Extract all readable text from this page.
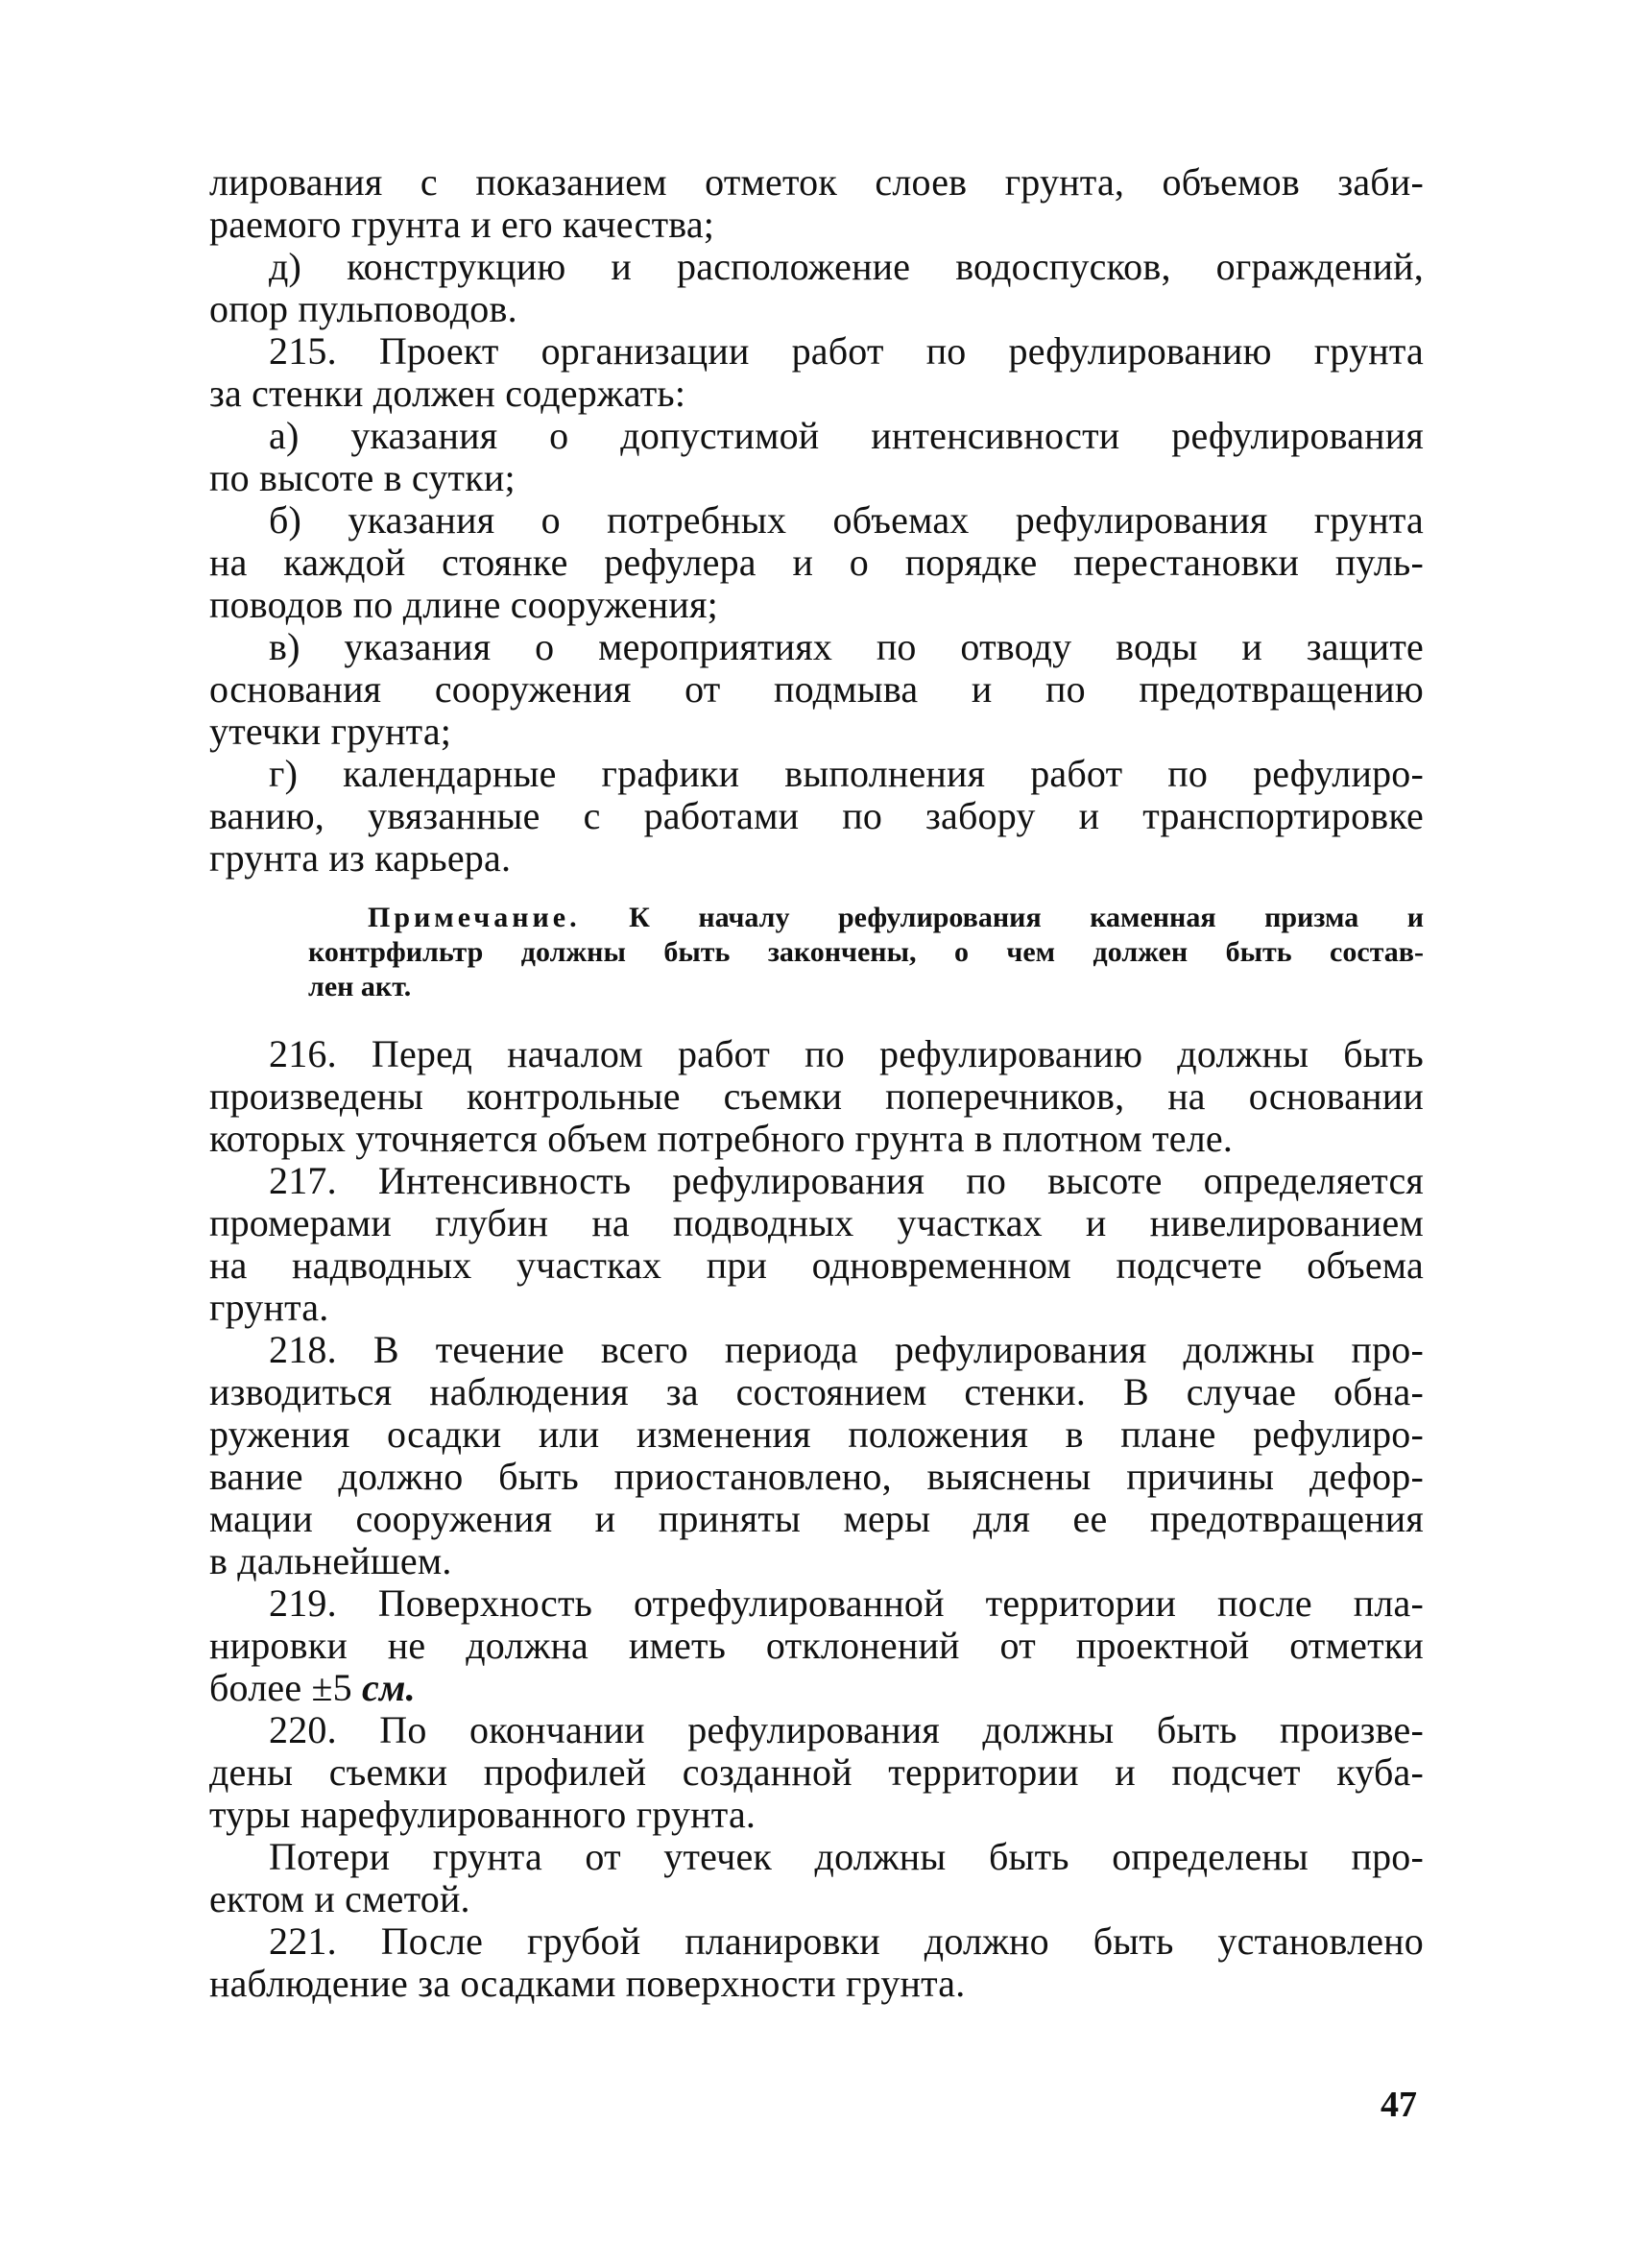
лирования с показанием отметок слоев грунта, объемов заби-
раемого грунта и его качества;
д) конструкцию и расположение водоспусков, ограждений,
опор пульповодов.
215. Проект организации работ по рефулированию грунта
за стенки должен содержать:
а) указания о допустимой интенсивности рефулирования
по высоте в сутки;
б) указания о потребных объемах рефулирования грунта
на каждой стоянке рефулера и о порядке перестановки пуль-
поводов по длине сооружения;
в) указания о мероприятиях по отводу воды и защите
основания сооружения от подмыва и по предотвращению
утечки грунта;
г) календарные графики выполнения работ по рефулиро-
ванию, увязанные с работами по забору и транспортировке
грунта из карьера.
Примечание. К началу рефулирования каменная призма и
контрфильтр должны быть закончены, о чем должен быть состав-
лен акт.
216. Перед началом работ по рефулированию должны быть
произведены контрольные съемки поперечников, на основании
которых уточняется объем потребного грунта в плотном теле.
217. Интенсивность рефулирования по высоте определяется
промерами глубин на подводных участках и нивелированием
на надводных участках при одновременном подсчете объема
грунта.
218. В течение всего периода рефулирования должны про-
изводиться наблюдения за состоянием стенки. В случае обна-
ружения осадки или изменения положения в плане рефулиро-
вание должно быть приостановлено, выяснены причины дефор-
мации сооружения и приняты меры для ее предотвращения
в дальнейшем.
219. Поверхность отрефулированной территории после пла-
нировки не должна иметь отклонений от проектной отметки
более ±5 см.
220. По окончании рефулирования должны быть произве-
дены съемки профилей созданной территории и подсчет куба-
туры нарефулированного грунта.
Потери грунта от утечек должны быть определены про-
ектом и сметой.
221. После грубой планировки должно быть установлено
наблюдение за осадками поверхности грунта.
47
